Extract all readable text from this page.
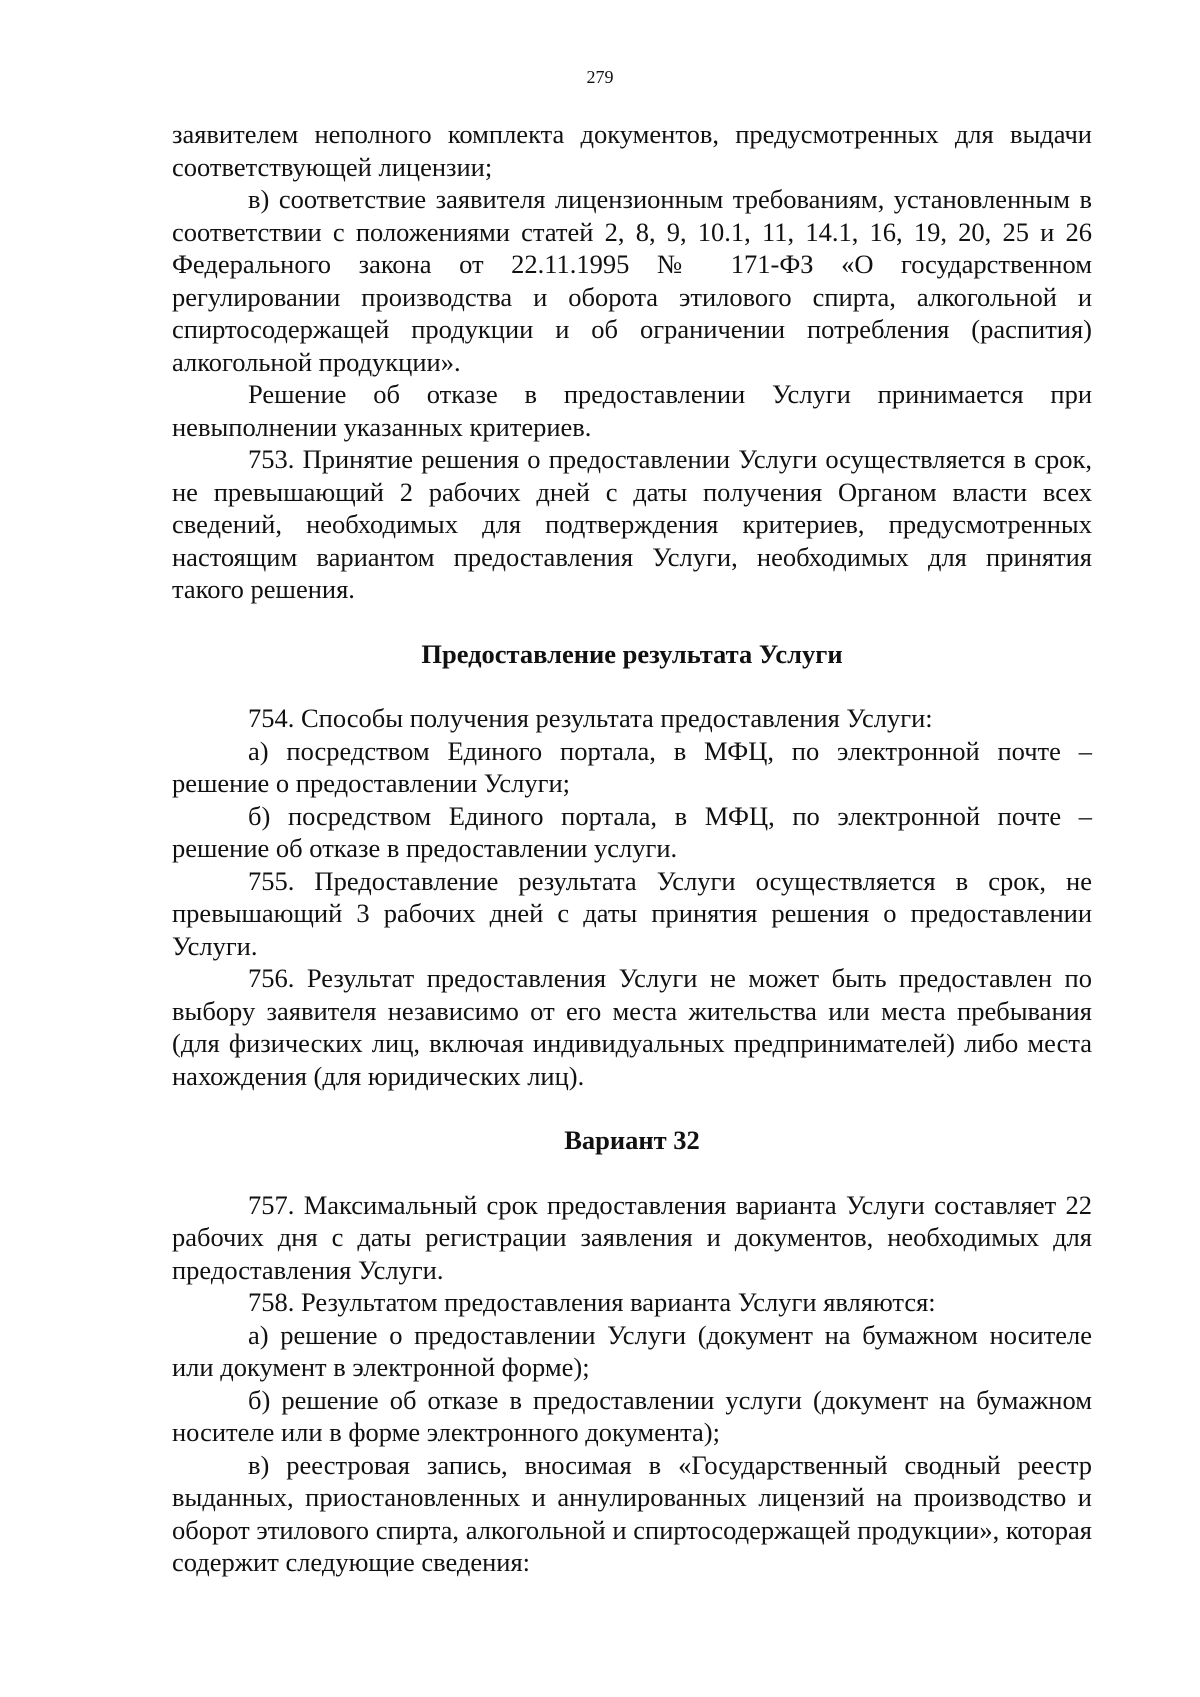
279

заявителем неполного комплекта документов, предусмотренных для выдачи соответствующей лицензии;

в) соответствие заявителя лицензионным требованиям, установленным в соответствии с положениями статей 2, 8, 9, 10.1, 11, 14.1, 16, 19, 20, 25 и 26 Федерального закона от 22.11.1995 № 171-ФЗ «О государственном регулировании производства и оборота этилового спирта, алкогольной и спиртосодержащей продукции и об ограничении потребления (распития) алкогольной продукции».

Решение об отказе в предоставлении Услуги принимается при невыполнении указанных критериев.

753. Принятие решения о предоставлении Услуги осуществляется в срок, не превышающий 2 рабочих дней с даты получения Органом власти всех сведений, необходимых для подтверждения критериев, предусмотренных настоящим вариантом предоставления Услуги, необходимых для принятия такого решения.

Предоставление результата Услуги

754. Способы получения результата предоставления Услуги:

а) посредством Единого портала, в МФЦ, по электронной почте – решение о предоставлении Услуги;

б) посредством Единого портала, в МФЦ, по электронной почте – решение об отказе в предоставлении услуги.

755. Предоставление результата Услуги осуществляется в срок, не превышающий 3 рабочих дней с даты принятия решения о предоставлении Услуги.

756. Результат предоставления Услуги не может быть предоставлен по выбору заявителя независимо от его места жительства или места пребывания (для физических лиц, включая индивидуальных предпринимателей) либо места нахождения (для юридических лиц).

Вариант 32

757. Максимальный срок предоставления варианта Услуги составляет 22 рабочих дня с даты регистрации заявления и документов, необходимых для предоставления Услуги.

758. Результатом предоставления варианта Услуги являются:

а) решение о предоставлении Услуги (документ на бумажном носителе или документ в электронной форме);

б) решение об отказе в предоставлении услуги (документ на бумажном носителе или в форме электронного документа);

в) реестровая запись, вносимая в «Государственный сводный реестр выданных, приостановленных и аннулированных лицензий на производство и оборот этилового спирта, алкогольной и спиртосодержащей продукции», которая содержит следующие сведения:
